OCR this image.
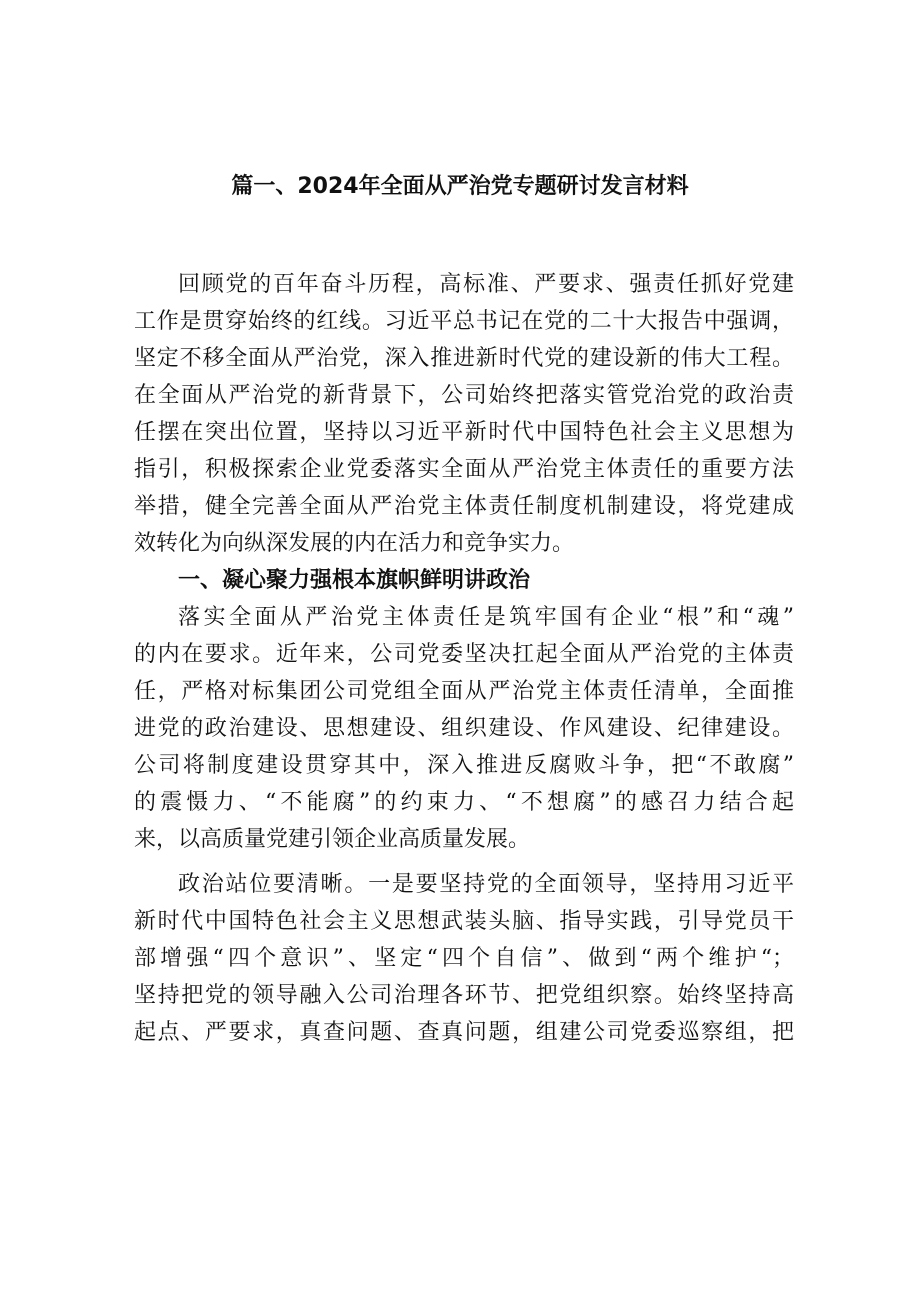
篇一、2024年全面从严治党专题研讨发言材料
回顾党的百年奋斗历程，高标准、严要求、强责任抓好党建
工作是贯穿始终的红线。习近平总书记在党的二十大报告中强调，
坚定不移全面从严治党，深入推进新时代党的建设新的伟大工程。
在全面从严治党的新背景下，公司始终把落实管党治党的政治责
任摆在突出位置，坚持以习近平新时代中国特色社会主义思想为
指引，积极探索企业党委落实全面从严治党主体责任的重要方法
举措，健全完善全面从严治党主体责任制度机制建设，将党建成
效转化为向纵深发展的内在活力和竞争实力。
一、凝心聚力强根本旗帜鲜明讲政治
落实全面从严治党主体责任是筑牢国有企业“根”和“魂”
的内在要求。近年来，公司党委坚决扛起全面从严治党的主体责
任，严格对标集团公司党组全面从严治党主体责任清单，全面推
进党的政治建设、思想建设、组织建设、作风建设、纪律建设。
公司将制度建设贯穿其中，深入推进反腐败斗争，把“不敢腐”
的震慑力、“不能腐”的约束力、“不想腐”的感召力结合起
来，以高质量党建引领企业高质量发展。
政治站位要清晰。一是要坚持党的全面领导，坚持用习近平
新时代中国特色社会主义思想武装头脑、指导实践，引导党员干
部增强“四个意识”、坚定“四个自信”、做到“两个维护“；
坚持把党的领导融入公司治理各环节、把党组织察。始终坚持高
起点、严要求，真查问题、查真问题，组建公司党委巡察组，把
